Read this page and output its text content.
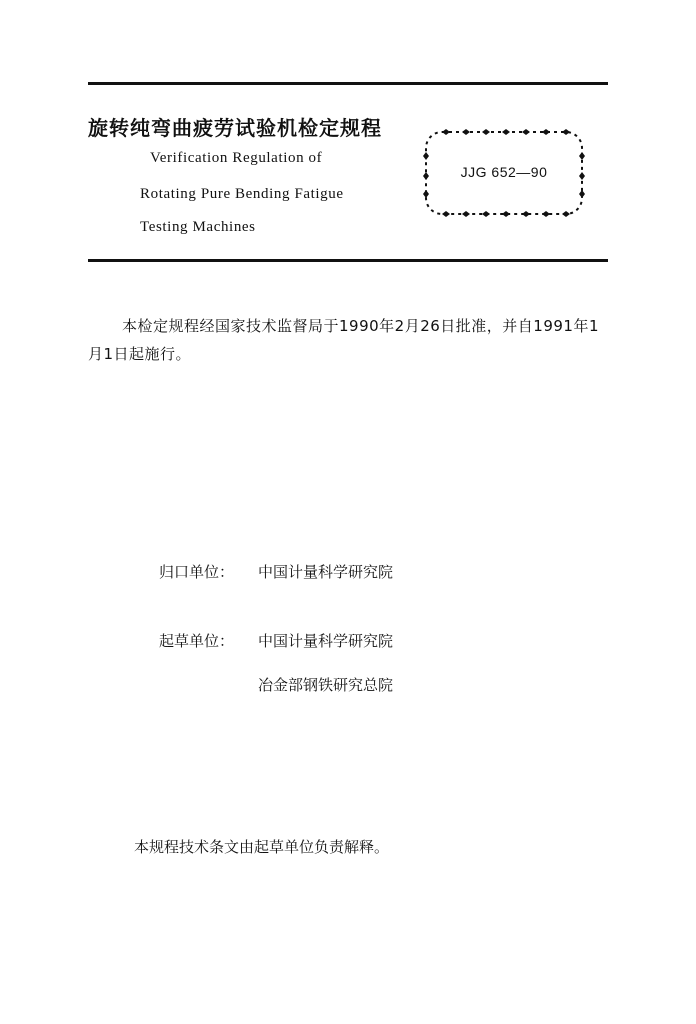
旋转纯弯曲疲劳试验机检定规程
Verification Regulation of
Rotating Pure Bending Fatigue
Testing Machines
JJG 652—90
本检定规程经国家技术监督局于1990年2月26日批准，并自1991年1月1日起施行。
归口单位： 中国计量科学研究院
起草单位： 中国计量科学研究院
冶金部钢铁研究总院
本规程技术条文由起草单位负责解释。
